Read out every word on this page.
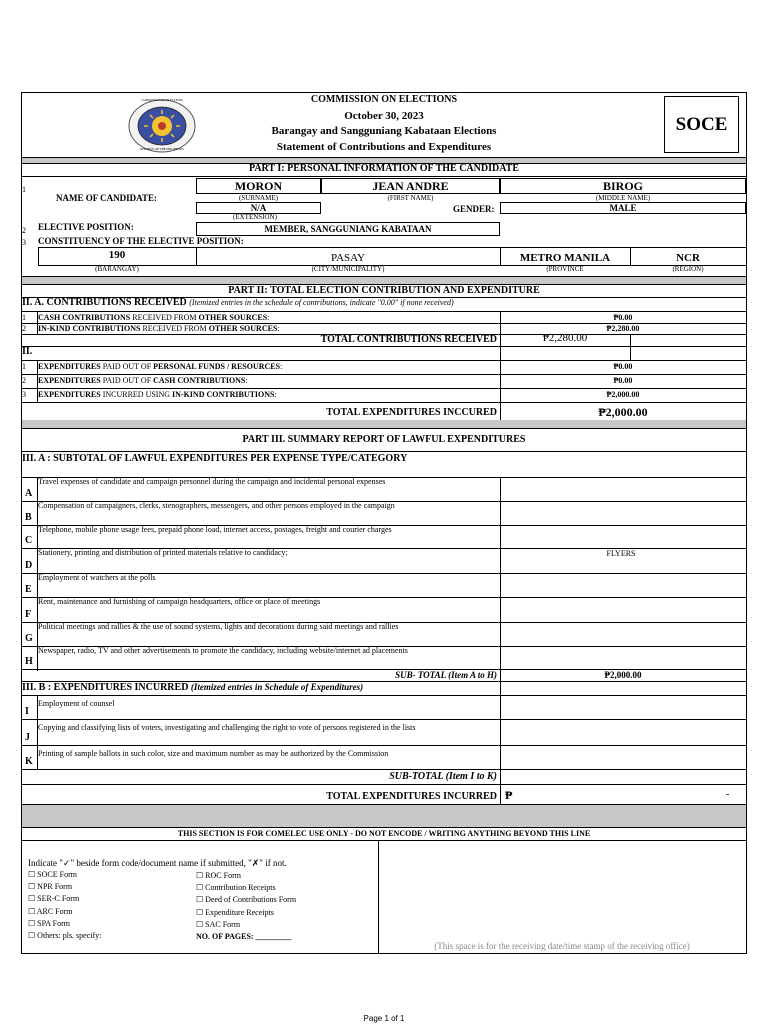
COMMISSION ON ELECTIONS
REPUBLIC OF THE PHILIPPINES
COMMISSION ON ELECTIONS
October 30, 2023
Barangay and Sangguniang Kabataan Elections
Statement of Contributions and Expenditures
SOCE
PART I: PERSONAL INFORMATION OF THE CANDIDATE
1
NAME OF CANDIDATE:
MORON	JEAN ANDRE	BIROG
(SURNAME)	(FIRST NAME)	(MIDDLE NAME)
N/A
(EXTENSION)
GENDER:	MALE
2 ELECTIVE POSITION:	MEMBER, SANGGUNIANG KABATAAN
3 CONSTITUENCY OF THE ELECTIVE POSITION:
190	PASAY	METRO MANILA	NCR
(BARANGAY)	(CITY/MUNICIPALITY)	(PROVINCE	(REGION)
PART II: TOTAL ELECTION CONTRIBUTION AND EXPENDITURE
II. A. CONTRIBUTIONS RECEIVED (Itemized entries in the schedule of contributions, indicate "0.00" if none received)
1 CASH CONTRIBUTIONS RECEIVED FROM OTHER SOURCES:	₱0.00
2 IN-KIND CONTRIBUTIONS RECEIVED FROM OTHER SOURCES:	₱2,280.00
TOTAL CONTRIBUTIONS RECEIVED	₱2,280.00
II.
1 EXPENDITURES PAID OUT OF PERSONAL FUNDS / RESOURCES:	₱0.00
2 EXPENDITURES PAID OUT OF CASH CONTRIBUTIONS:	₱0.00
3 EXPENDITURES INCURRED USING IN-KIND CONTRIBUTIONS:	₱2,000.00
TOTAL EXPENDITURES INCCURED	₱2,000.00
PART III. SUMMARY REPORT OF LAWFUL EXPENDITURES
III. A : SUBTOTAL OF LAWFUL EXPENDITURES PER EXPENSE TYPE/CATEGORY
A
Travel expenses of candidate and campaign personnel during the campaign and incidental personal expenses
B
Compensation of campaigners, clerks, stenographers, messengers, and other persons employed in the campaign
C
Telephone, mobile phone usage fees, prepaid phone load, internet access, postages, freight and courier charges
D
Stationery, printing and distribution of printed materials relative to candidacy;	FLYERS
E
Employment of watchers at the polls
F
Rent, maintenance and furnishing of campaign headquarters, office or place of meetings
G
Political meetings and rallies & the use of sound systems, lights and decorations during said meetings and rallies
H
Newspaper, radio, TV and other advertisements to promote the candidacy, including website/internet ad placements
SUB- TOTAL (Item A to H)	₱2,000.00
III. B : EXPENDITURES INCURRED (Itemized entries in Schedule of Expenditures)
I
Employment of counsel
J
Copying and classifying lists of voters, investigating and challenging the right to vote of persons registered in the lists
K
Printing of sample ballots in such color, size and maximum number as may be authorized by the Commission
SUB-TOTAL (Item I to K)
TOTAL EXPENDITURES INCURRED ₱	-
THIS SECTION IS FOR COMELEC USE ONLY - DO NOT ENCODE / WRITING ANYTHING BEYOND THIS LINE
Indicate "✓" beside form code/document name if submitted, "✗" if not.
☐ SOCE Form
☐ NPR Form
☐ SER-C Form
☐ ARC Form
☐ SPA Form
☐ Others: pls. specify:
☐ ROC Form
☐ Contribution Receipts
☐ Deed of Contributions Form
☐ Expenditure Receipts
☐ SAC Form
NO. OF PAGES: _________
(This space is for the receiving date/time stamp of the receiving office)
Page 1 of 1
